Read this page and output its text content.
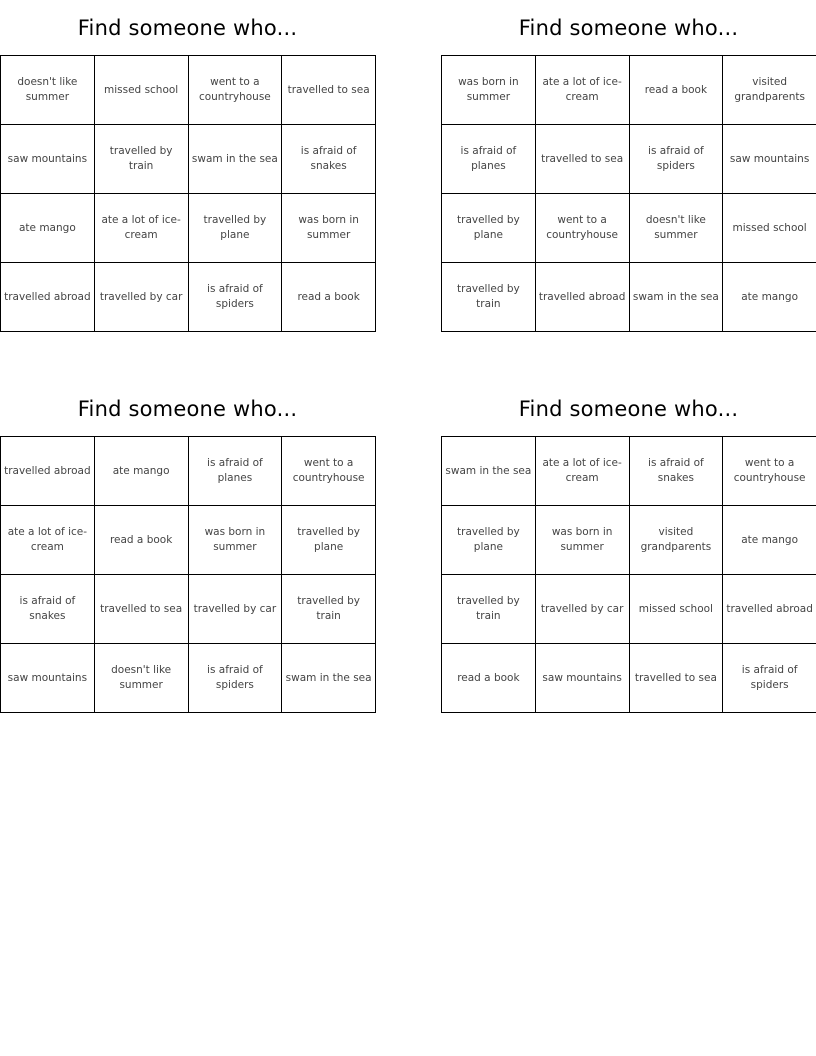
Find someone who...
doesn't like summer	missed school	went to a countryhouse	travelled to sea
saw mountains	travelled by train	swam in the sea	is afraid of snakes
ate mango	ate a lot of ice-cream	travelled by plane	was born in summer
travelled abroad	travelled by car	is afraid of spiders	read a book
Find someone who...
was born in summer	ate a lot of ice-cream	read a book	visited grandparents
is afraid of planes	travelled to sea	is afraid of spiders	saw mountains
travelled by plane	went to a countryhouse	doesn't like summer	missed school
travelled by train	travelled abroad	swam in the sea	ate mango
Find someone who...
travelled abroad	ate mango	is afraid of planes	went to a countryhouse
ate a lot of ice-cream	read a book	was born in summer	travelled by plane
is afraid of snakes	travelled to sea	travelled by car	travelled by train
saw mountains	doesn't like summer	is afraid of spiders	swam in the sea
Find someone who...
swam in the sea	ate a lot of ice-cream	is afraid of snakes	went to a countryhouse
travelled by plane	was born in summer	visited grandparents	ate mango
travelled by train	travelled by car	missed school	travelled abroad
read a book	saw mountains	travelled to sea	is afraid of spiders
